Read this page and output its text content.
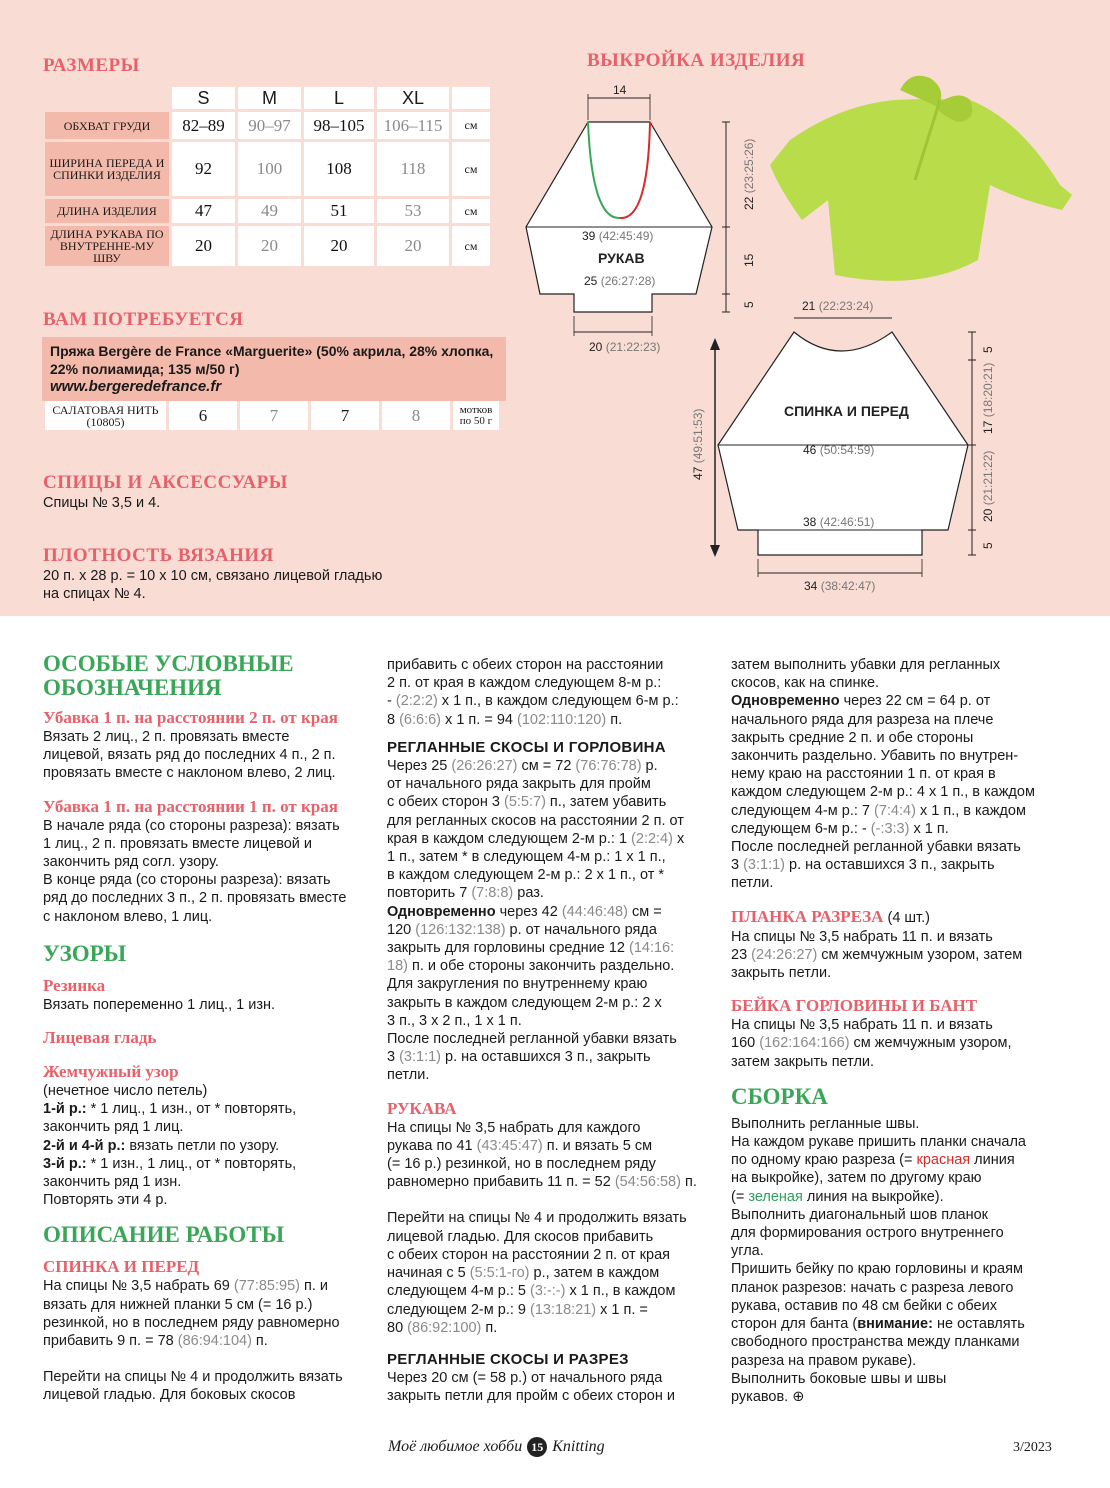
РАЗМЕРЫ
	S	M	L	XL	
ОБХВАТ ГРУДИ	82–89	90–97	98–105	106–115	см
ШИРИНА ПЕРЕДА И СПИНКИ ИЗДЕЛИЯ	92	100	108	118	см
ДЛИНА ИЗДЕЛИЯ	47	49	51	53	см
ДЛИНА РУКАВА ПО ВНУТРЕННЕ-МУ ШВУ	20	20	20	20	см
ВАМ ПОТРЕБУЕТСЯ
Пряжа Bergère de France «Marguerite» (50% акрила, 28% хлопка,
22% полиамида; 135 м/50 г)
www.bergeredefrance.fr
САЛАТОВАЯ НИТЬ (10805)	6	7	7	8	мотков по 50 г
СПИЦЫ И АКСЕССУАРЫ
Спицы № 3,5 и 4.
ПЛОТНОСТЬ ВЯЗАНИЯ
20 п. х 28 р. = 10 х 10 см, связано лицевой гладью
на спицах № 4.
ВЫКРОЙКА ИЗДЕЛИЯ
14
22 (23:25:26)
15
5
39 (42:45:49)
РУКАВ
25 (26:27:28)
20 (21:22:23)
21 (22:23:24)
СПИНКА И ПЕРЕД
46 (50:54:59)
38 (42:46:51)
34 (38:42:47)
47 (49:51:53)
5
17 (18:20:21)
20 (21:21:22)
5
ОСОБЫЕ УСЛОВНЫЕ
ОБОЗНАЧЕНИЯ
Убавка 1 п. на расстоянии 2 п. от края

Вязать 2 лиц., 2 п. провязать вместе

лицевой, вязать ряд до последних 4 п., 2 п.

провязать вместе с наклоном влево, 2 лиц.

Убавка 1 п. на расстоянии 1 п. от края

В начале ряда (со стороны разреза): вязать

1 лиц., 2 п. провязать вместе лицевой и

закончить ряд согл. узору.

В конце ряда (со стороны разреза): вязать

ряд до последних 3 п., 2 п. провязать вместе

с наклоном влево, 1 лиц.

УЗОРЫ
Резинка

Вязать попеременно 1 лиц., 1 изн.

Лицевая гладь
Жемчужный узор

(нечетное число петель)

1-й р.: * 1 лиц., 1 изн., от * повторять,

закончить ряд 1 лиц.

2-й и 4-й р.: вязать петли по узору.

3-й р.: * 1 изн., 1 лиц., от * повторять,

закончить ряд 1 изн.

Повторять эти 4 р.

ОПИСАНИЕ РАБОТЫ
СПИНКА И ПЕРЕД

На спицы № 3,5 набрать 69 (77:85:95) п. и

вязать для нижней планки 5 см (= 16 р.)

резинкой, но в последнем ряду равномерно

прибавить 9 п. = 78 (86:94:104) п.

Перейти на спицы № 4 и продолжить вязать

лицевой гладью. Для боковых скосов

прибавить с обеих сторон на расстоянии

2 п. от края в каждом следующем 8-м р.:

- (2:2:2) х 1 п., в каждом следующем 6-м р.:

8 (6:6:6) х 1 п. = 94 (102:110:120) п.

РЕГЛАННЫЕ СКОСЫ И ГОРЛОВИНА

Через 25 (26:26:27) см = 72 (76:76:78) р.

от начального ряда закрыть для пройм

с обеих сторон 3 (5:5:7) п., затем убавить

для регланных скосов на расстоянии 2 п. от

края в каждом следующем 2-м р.: 1 (2:2:4) х

1 п., затем * в следующем 4-м р.: 1 х 1 п.,

в каждом следующем 2-м р.: 2 х 1 п., от *

повторить 7 (7:8:8) раз.

Одновременно через 42 (44:46:48) см =

120 (126:132:138) р. от начального ряда

закрыть для горловины средние 12 (14:16:

18) п. и обе стороны закончить раздельно.

Для закругления по внутреннему краю

закрыть в каждом следующем 2-м р.: 2 х

3 п., 3 х 2 п., 1 х 1 п.

После последней регланной убавки вязать

3 (3:1:1) р. на оставшихся 3 п., закрыть

петли.

РУКАВА

На спицы № 3,5 набрать для каждого

рукава по 41 (43:45:47) п. и вязать 5 см

(= 16 р.) резинкой, но в последнем ряду

равномерно прибавить 11 п. = 52 (54:56:58) п.

Перейти на спицы № 4 и продолжить вязать

лицевой гладью. Для скосов прибавить

с обеих сторон на расстоянии 2 п. от края

начиная с 5 (5:5:1-го) р., затем в каждом

следующем 4-м р.: 5 (3:-:-) х 1 п., в каждом

следующем 2-м р.: 9 (13:18:21) х 1 п. =

80 (86:92:100) п.

РЕГЛАННЫЕ СКОСЫ И РАЗРЕЗ

Через 20 см (= 58 р.) от начального ряда

закрыть петли для пройм с обеих сторон и

затем выполнить убавки для регланных

скосов, как на спинке.

Одновременно через 22 см = 64 р. от

начального ряда для разреза на плече

закрыть средние 2 п. и обе стороны

закончить раздельно. Убавить по внутрен-

нему краю на расстоянии 1 п. от края в

каждом следующем 2-м р.: 4 х 1 п., в каждом

следующем 4-м р.: 7 (7:4:4) х 1 п., в каждом

следующем 6-м р.: - (-:3:3) х 1 п.

После последней регланной убавки вязать

3 (3:1:1) р. на оставшихся 3 п., закрыть

петли.

ПЛАНКА РАЗРЕЗА (4 шт.)

На спицы № 3,5 набрать 11 п. и вязать

23 (24:26:27) см жемчужным узором, затем

закрыть петли.

БЕЙКА ГОРЛОВИНЫ И БАНТ

На спицы № 3,5 набрать 11 п. и вязать

160 (162:164:166) см жемчужным узором,

затем закрыть петли.

СБОРКА

Выполнить регланные швы.

На каждом рукаве пришить планки сначала

по одному краю разреза (= красная линия

на выкройке), затем по другому краю

(= зеленая линия на выкройке).

Выполнить диагональный шов планок

для формирования острого внутреннего

угла.

Пришить бейку по краю горловины и краям

планок разрезов: начать с разреза левого

рукава, оставив по 48 см бейки с обеих

сторон для банта (внимание: не оставлять

свободного пространства между планками

разреза на правом рукаве).

Выполнить боковые швы и швы

рукавов. ⊕

Моё любимое хобби 15 Knitting	3/2023
